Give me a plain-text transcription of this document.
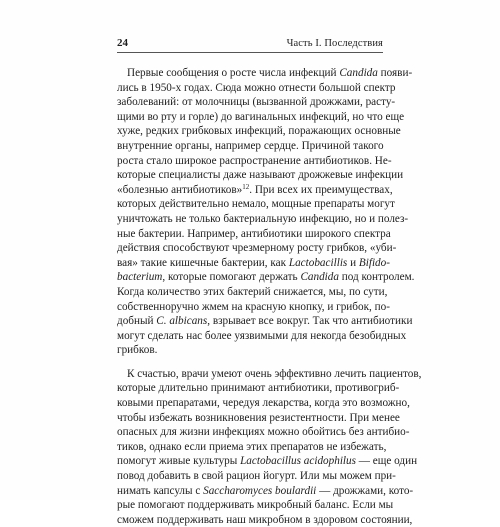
24	Часть I. Последствия
Первые сообщения о росте числа инфекций Candida появи-
лись в 1950-х годах. Сюда можно отнести большой спектр
заболеваний: от молочницы (вызванной дрожжами, расту-
щими во рту и горле) до вагинальных инфекций, но что еще
хуже, редких грибковых инфекций, поражающих основные
внутренние органы, например сердце. Причиной такого
роста стало широкое распространение антибиотиков. Не-
которые специалисты даже называют дрожжевые инфекции
«болезнью антибиотиков»$^{12}$. При всех их преимуществах,
которых действительно немало, мощные препараты могут
уничтожать не только бактериальную инфекцию, но и полез-
ные бактерии. Например, антибиотики широкого спектра
действия способствуют чрезмерному росту грибков, «уби-
вая» такие кишечные бактерии, как Lactobacillis и Bifido-
bacterium, которые помогают держать Candida под контролем.
Когда количество этих бактерий снижается, мы, по сути,
собственноручно жмем на красную кнопку, и грибок, по-
добный C. albicans, взрывает все вокруг. Так что антибиотики
могут сделать нас более уязвимыми для некогда безобидных
грибков.
К счастью, врачи умеют очень эффективно лечить пациентов,
которые длительно принимают антибиотики, противогриб-
ковыми препаратами, чередуя лекарства, когда это возможно,
чтобы избежать возникновения резистентности. При менее
опасных для жизни инфекциях можно обойтись без антибио-
тиков, однако если приема этих препаратов не избежать,
помогут живые культуры Lactobacillus acidophilus — еще один
повод добавить в свой рацион йогурт. Или мы можем при-
нимать капсулы с Saccharomyces boulardii — дрожжами, кото-
рые помогают поддерживать микробный баланс. Если мы
сможем поддерживать наш микробном в здоровом состоянии,
